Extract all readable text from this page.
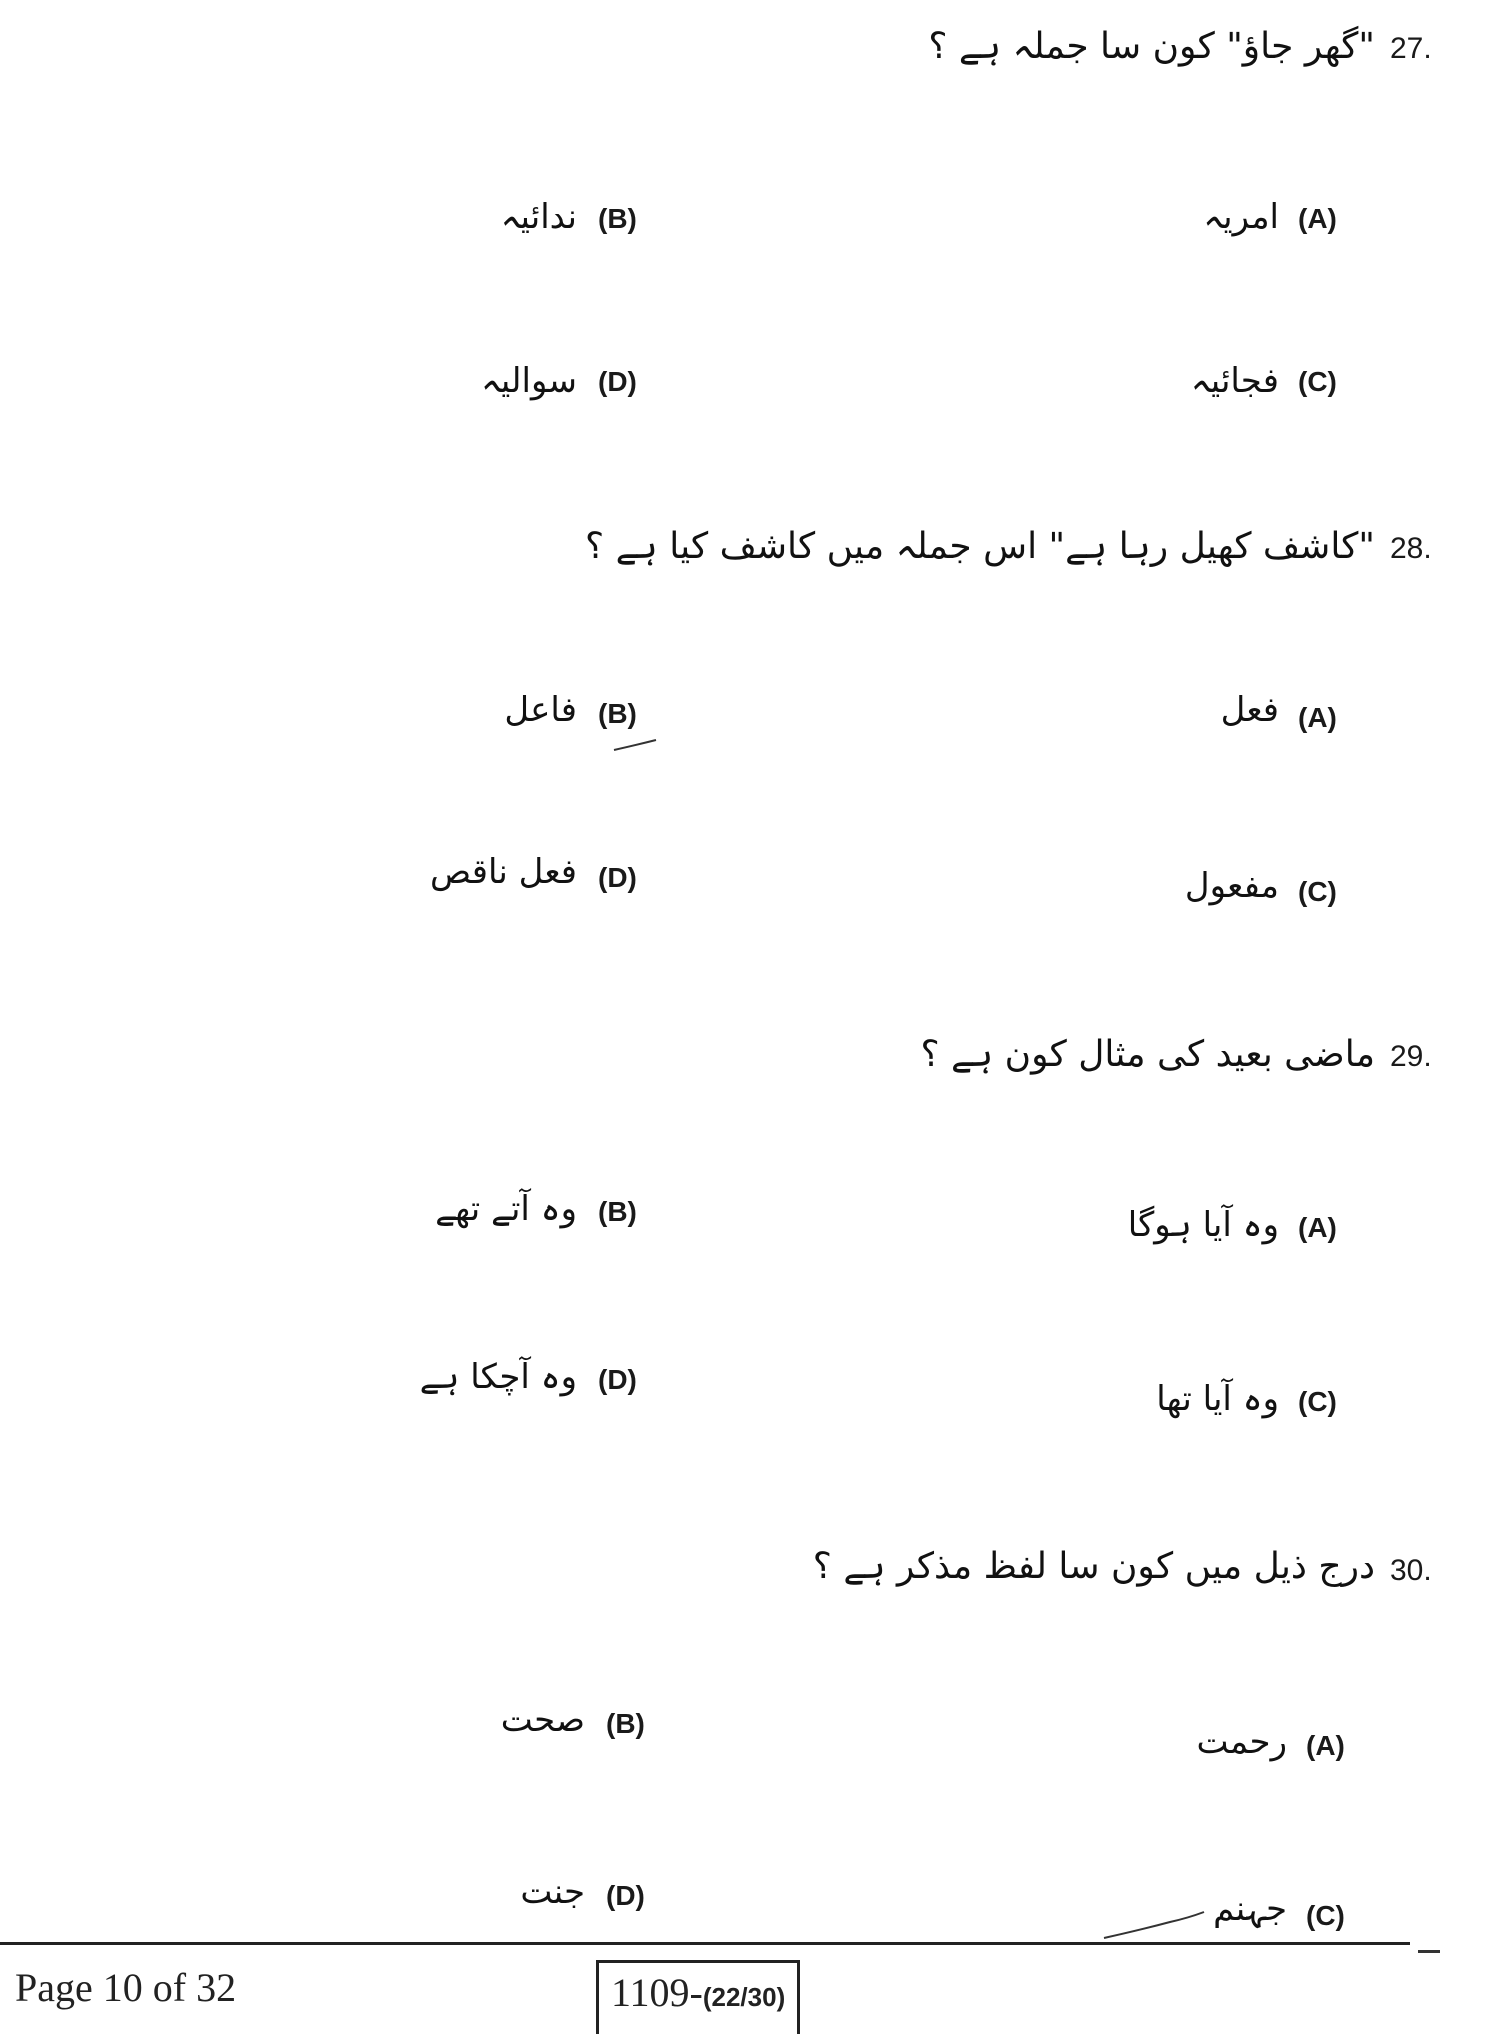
27.
"گھر جاؤ" کون سا جملہ ہے ؟
(A)
امریہ
(B)
ندائیہ
(C)
فجائیہ
(D)
سوالیہ
28.
"کاشف کھیل رہا ہے" اس جملہ میں کاشف کیا ہے ؟
(A)
فعل
(B)
فاعل
(C)
مفعول
(D)
فعل ناقص
29.
ماضی بعید کی مثال کون ہے ؟
(A)
وہ آیا ہوگا
(B)
وہ آتے تھے
(C)
وہ آیا تھا
(D)
وہ آچکا ہے
30.
درج ذیل میں کون سا لفظ مذکر ہے ؟
(A)
رحمت
(B)
صحت
(C)
جہنم
(D)
جنت
Page 10 of 32	1109-(22/30)
